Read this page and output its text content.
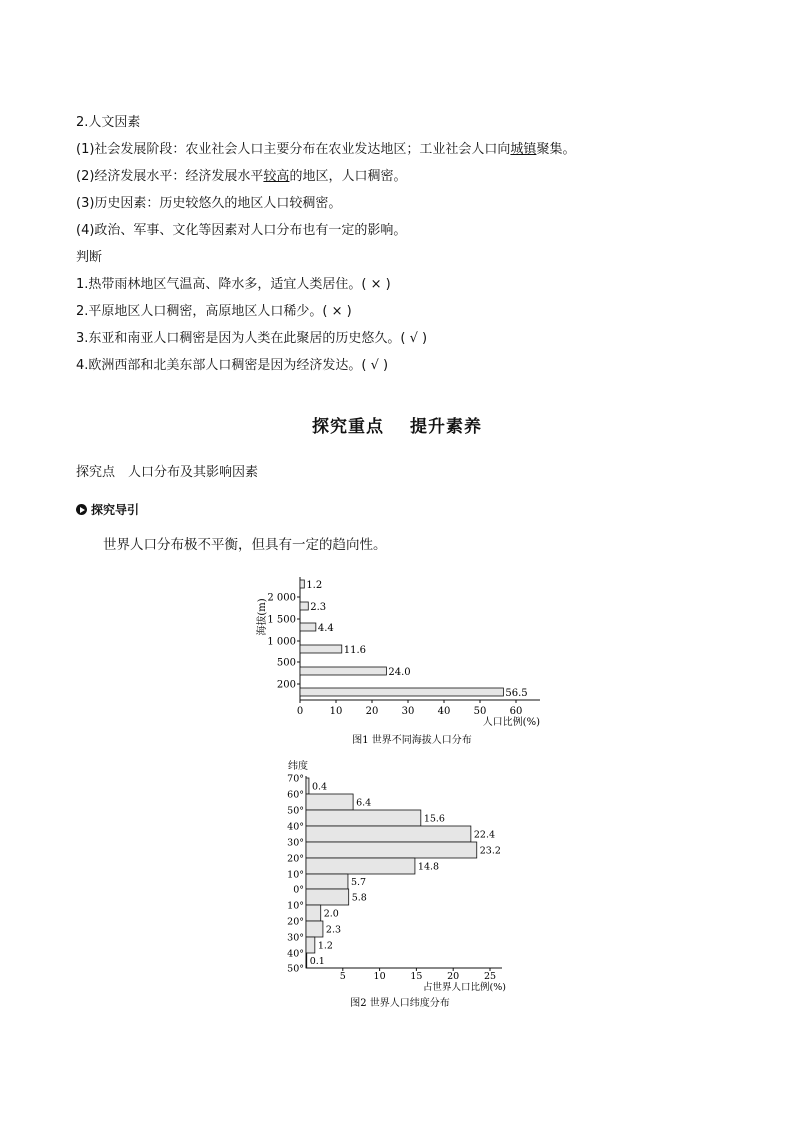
2.人文因素
(1)社会发展阶段：农业社会人口主要分布在农业发达地区；工业社会人口向城镇聚集。
(2)经济发展水平：经济发展水平较高的地区，人口稠密。
(3)历史因素：历史较悠久的地区人口较稠密。
(4)政治、军事、文化等因素对人口分布也有一定的影响。
判断
1.热带雨林地区气温高、降水多，适宜人类居住。( × )
2.平原地区人口稠密，高原地区人口稀少。( × )
3.东亚和南亚人口稠密是因为人类在此聚居的历史悠久。( √ )
4.欧洲西部和北美东部人口稠密是因为经济发达。( √ )
探究重点 提升素养
探究点　人口分布及其影响因素
探究导引
世界人口分布极不平衡，但具有一定的趋向性。
56.5
24.0
11.6
4.4
2.3
1.2
200
500
1 000
1 500
2 000
0	10 20 30 40 50 60
人口比例(%)
海拔(m)
图1 世界不同海拔人口分布
0.4
6.4
15.6
22.4
23.2
14.8
5.7
5.8
2.0
2.3
1.2
0.1
70°
60°
50°
40°
30°
20°
10°
0°
10°
20°
30°
40°
50°
5	10	15	20	25
占世界人口比例(%)
纬度
图2 世界人口纬度分布
